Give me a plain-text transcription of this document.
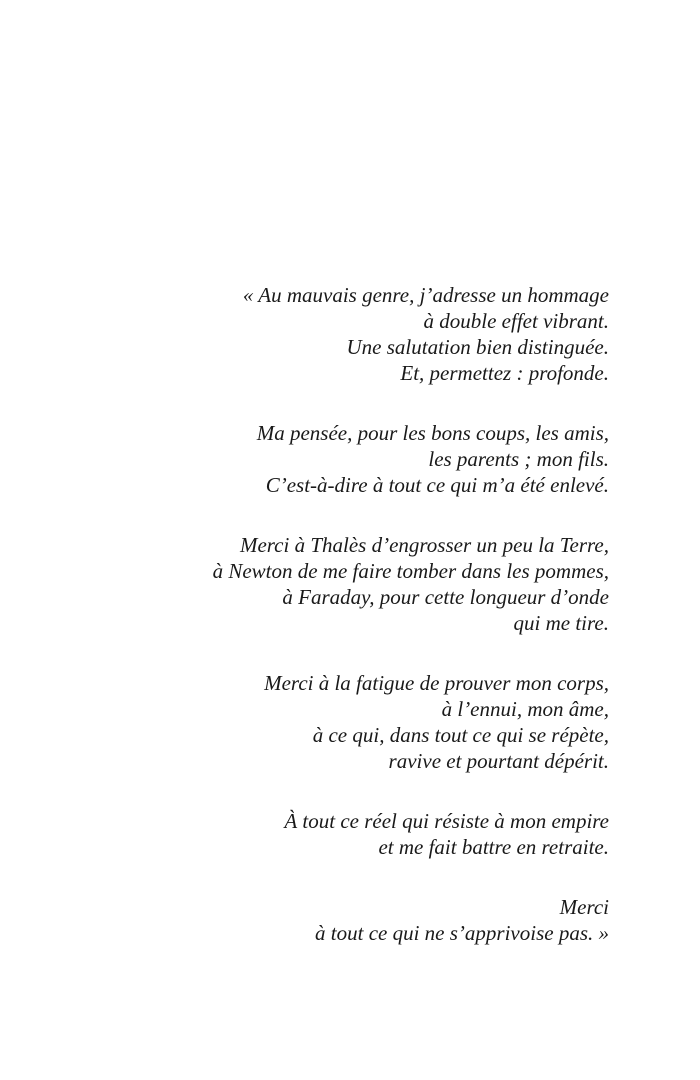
« Au mauvais genre, j’adresse un hommage
à double effet vibrant.
Une salutation bien distinguée.
Et, permettez : profonde.

Ma pensée, pour les bons coups, les amis,
les parents ; mon fils.
C’est-à-dire à tout ce qui m’a été enlevé.

Merci à Thalès d’engrosser un peu la Terre,
à Newton de me faire tomber dans les pommes,
à Faraday, pour cette longueur d’onde
qui me tire.

Merci à la fatigue de prouver mon corps,
à l’ennui, mon âme,
à ce qui, dans tout ce qui se répète,
ravive et pourtant dépérit.

À tout ce réel qui résiste à mon empire
et me fait battre en retraite.

Merci
à tout ce qui ne s’apprivoise pas. »
